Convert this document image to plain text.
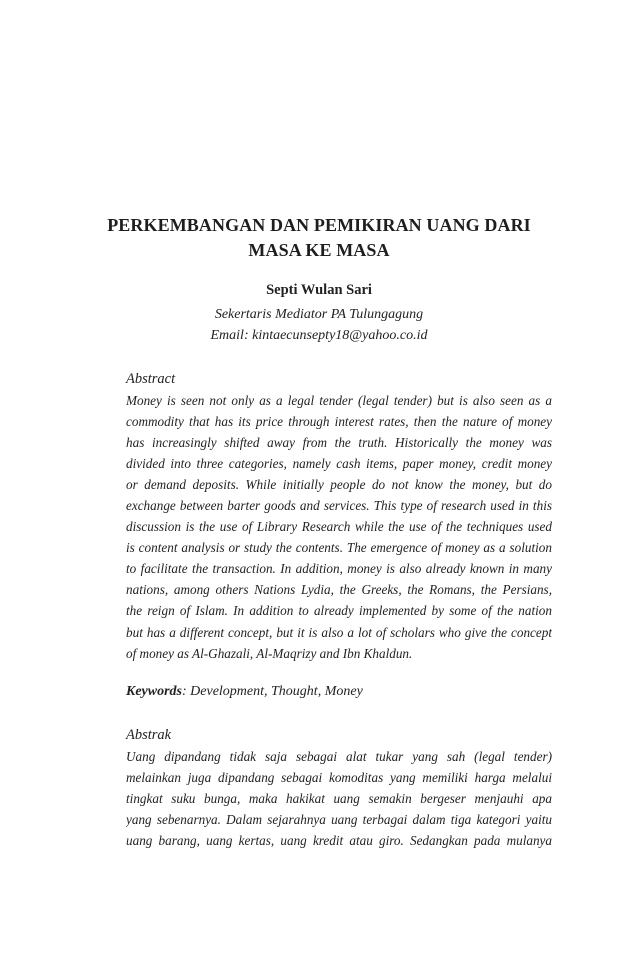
PERKEMBANGAN DAN PEMIKIRAN UANG DARI
MASA KE MASA
Septi Wulan Sari
Sekertaris Mediator PA Tulungagung
Email: kintaecunsepty18@yahoo.co.id
Abstract

Money is seen not only as a legal tender (legal tender) but is also seen as a
commodity that has its price through interest rates, then the nature of money
has increasingly shifted away from the truth. Historically the money was
divided into three categories, namely cash items, paper money, credit money
or demand deposits. While initially people do not know the money, but do
exchange between barter goods and services. This type of research used in this
discussion is the use of Library Research while the use of the techniques used
is content analysis or study the contents. The emergence of money as a solution
to facilitate the transaction. In addition, money is also already known in many
nations, among others Nations Lydia, the Greeks, the Romans, the Persians,
the reign of Islam. In addition to already implemented by some of the nation
but has a different concept, but it is also a lot of scholars who give the concept
of money as Al-Ghazali, Al-Maqrizy and Ibn Khaldun.

Keywords: Development, Thought, Money
Abstrak

Uang dipandang tidak saja sebagai alat tukar yang sah (legal tender)
melainkan juga dipandang sebagai komoditas yang memiliki harga melalui
tingkat suku bunga, maka hakikat uang semakin bergeser menjauhi apa
yang sebenarnya. Dalam sejarahnya uang terbagai dalam tiga kategori yaitu
uang barang, uang kertas, uang kredit atau giro. Sedangkan pada mulanya
